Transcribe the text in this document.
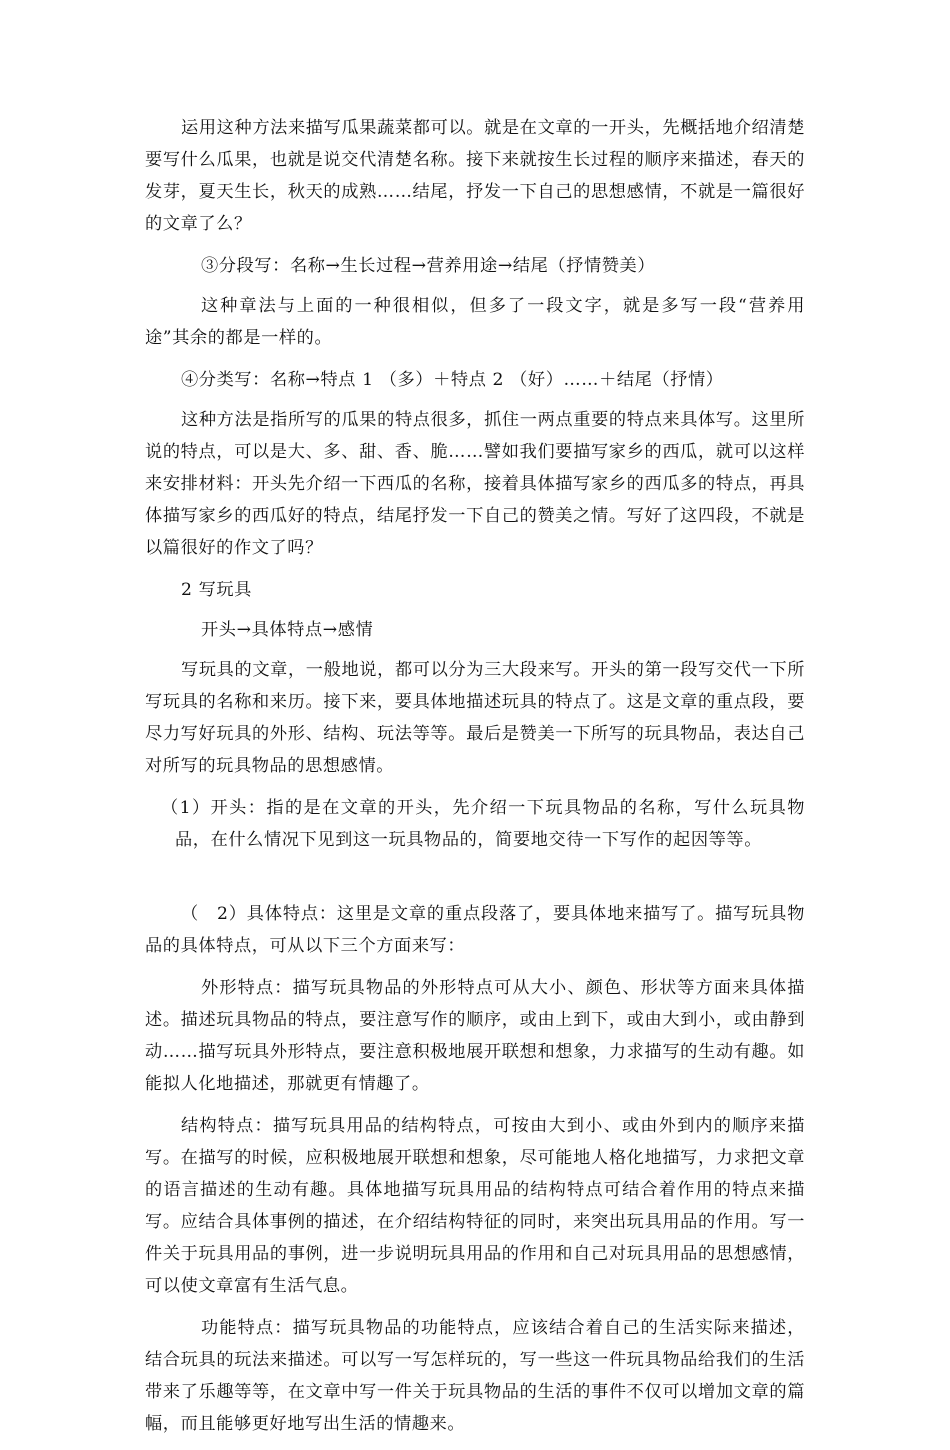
运用这种方法来描写瓜果蔬菜都可以。就是在文章的一开头，先概括地介绍清楚要写什么瓜果，也就是说交代清楚名称。接下来就按生长过程的顺序来描述，春天的发芽，夏天生长，秋天的成熟……结尾，抒发一下自己的思想感情，不就是一篇很好的文章了么？

③分段写：名称→生长过程→营养用途→结尾（抒情赞美）

这种章法与上面的一种很相似，但多了一段文字，就是多写一段“营养用途”其余的都是一样的。

④分类写：名称→特点 1 （多）＋特点 2 （好）……＋结尾（抒情）

这种方法是指所写的瓜果的特点很多，抓住一两点重要的特点来具体写。这里所说的特点，可以是大、多、甜、香、脆……譬如我们要描写家乡的西瓜，就可以这样来安排材料：开头先介绍一下西瓜的名称，接着具体描写家乡的西瓜多的特点，再具体描写家乡的西瓜好的特点，结尾抒发一下自己的赞美之情。写好了这四段，不就是以篇很好的作文了吗？

2 写玩具

开头→具体特点→感情

写玩具的文章，一般地说，都可以分为三大段来写。开头的第一段写交代一下所写玩具的名称和来历。接下来，要具体地描述玩具的特点了。这是文章的重点段，要尽力写好玩具的外形、结构、玩法等等。最后是赞美一下所写的玩具物品，表达自己对所写的玩具物品的思想感情。

（1）开头：指的是在文章的开头，先介绍一下玩具物品的名称，写什么玩具物品，在什么情况下见到这一玩具物品的，简要地交待一下写作的起因等等。

（　2）具体特点：这里是文章的重点段落了，要具体地来描写了。描写玩具物品的具体特点，可从以下三个方面来写：

外形特点：描写玩具物品的外形特点可从大小、颜色、形状等方面来具体描述。描述玩具物品的特点，要注意写作的顺序，或由上到下，或由大到小，或由静到动……描写玩具外形特点，要注意积极地展开联想和想象，力求描写的生动有趣。如能拟人化地描述，那就更有情趣了。

结构特点：描写玩具用品的结构特点，可按由大到小、或由外到内的顺序来描写。在描写的时候，应积极地展开联想和想象，尽可能地人格化地描写，力求把文章的语言描述的生动有趣。具体地描写玩具用品的结构特点可结合着作用的特点来描写。应结合具体事例的描述，在介绍结构特征的同时，来突出玩具用品的作用。写一件关于玩具用品的事例，进一步说明玩具用品的作用和自己对玩具用品的思想感情，可以使文章富有生活气息。

功能特点：描写玩具物品的功能特点，应该结合着自己的生活实际来描述，结合玩具的玩法来描述。可以写一写怎样玩的，写一些这一件玩具物品给我们的生活带来了乐趣等等，在文章中写一件关于玩具物品的生活的事件不仅可以增加文章的篇幅，而且能够更好地写出生活的情趣来。
